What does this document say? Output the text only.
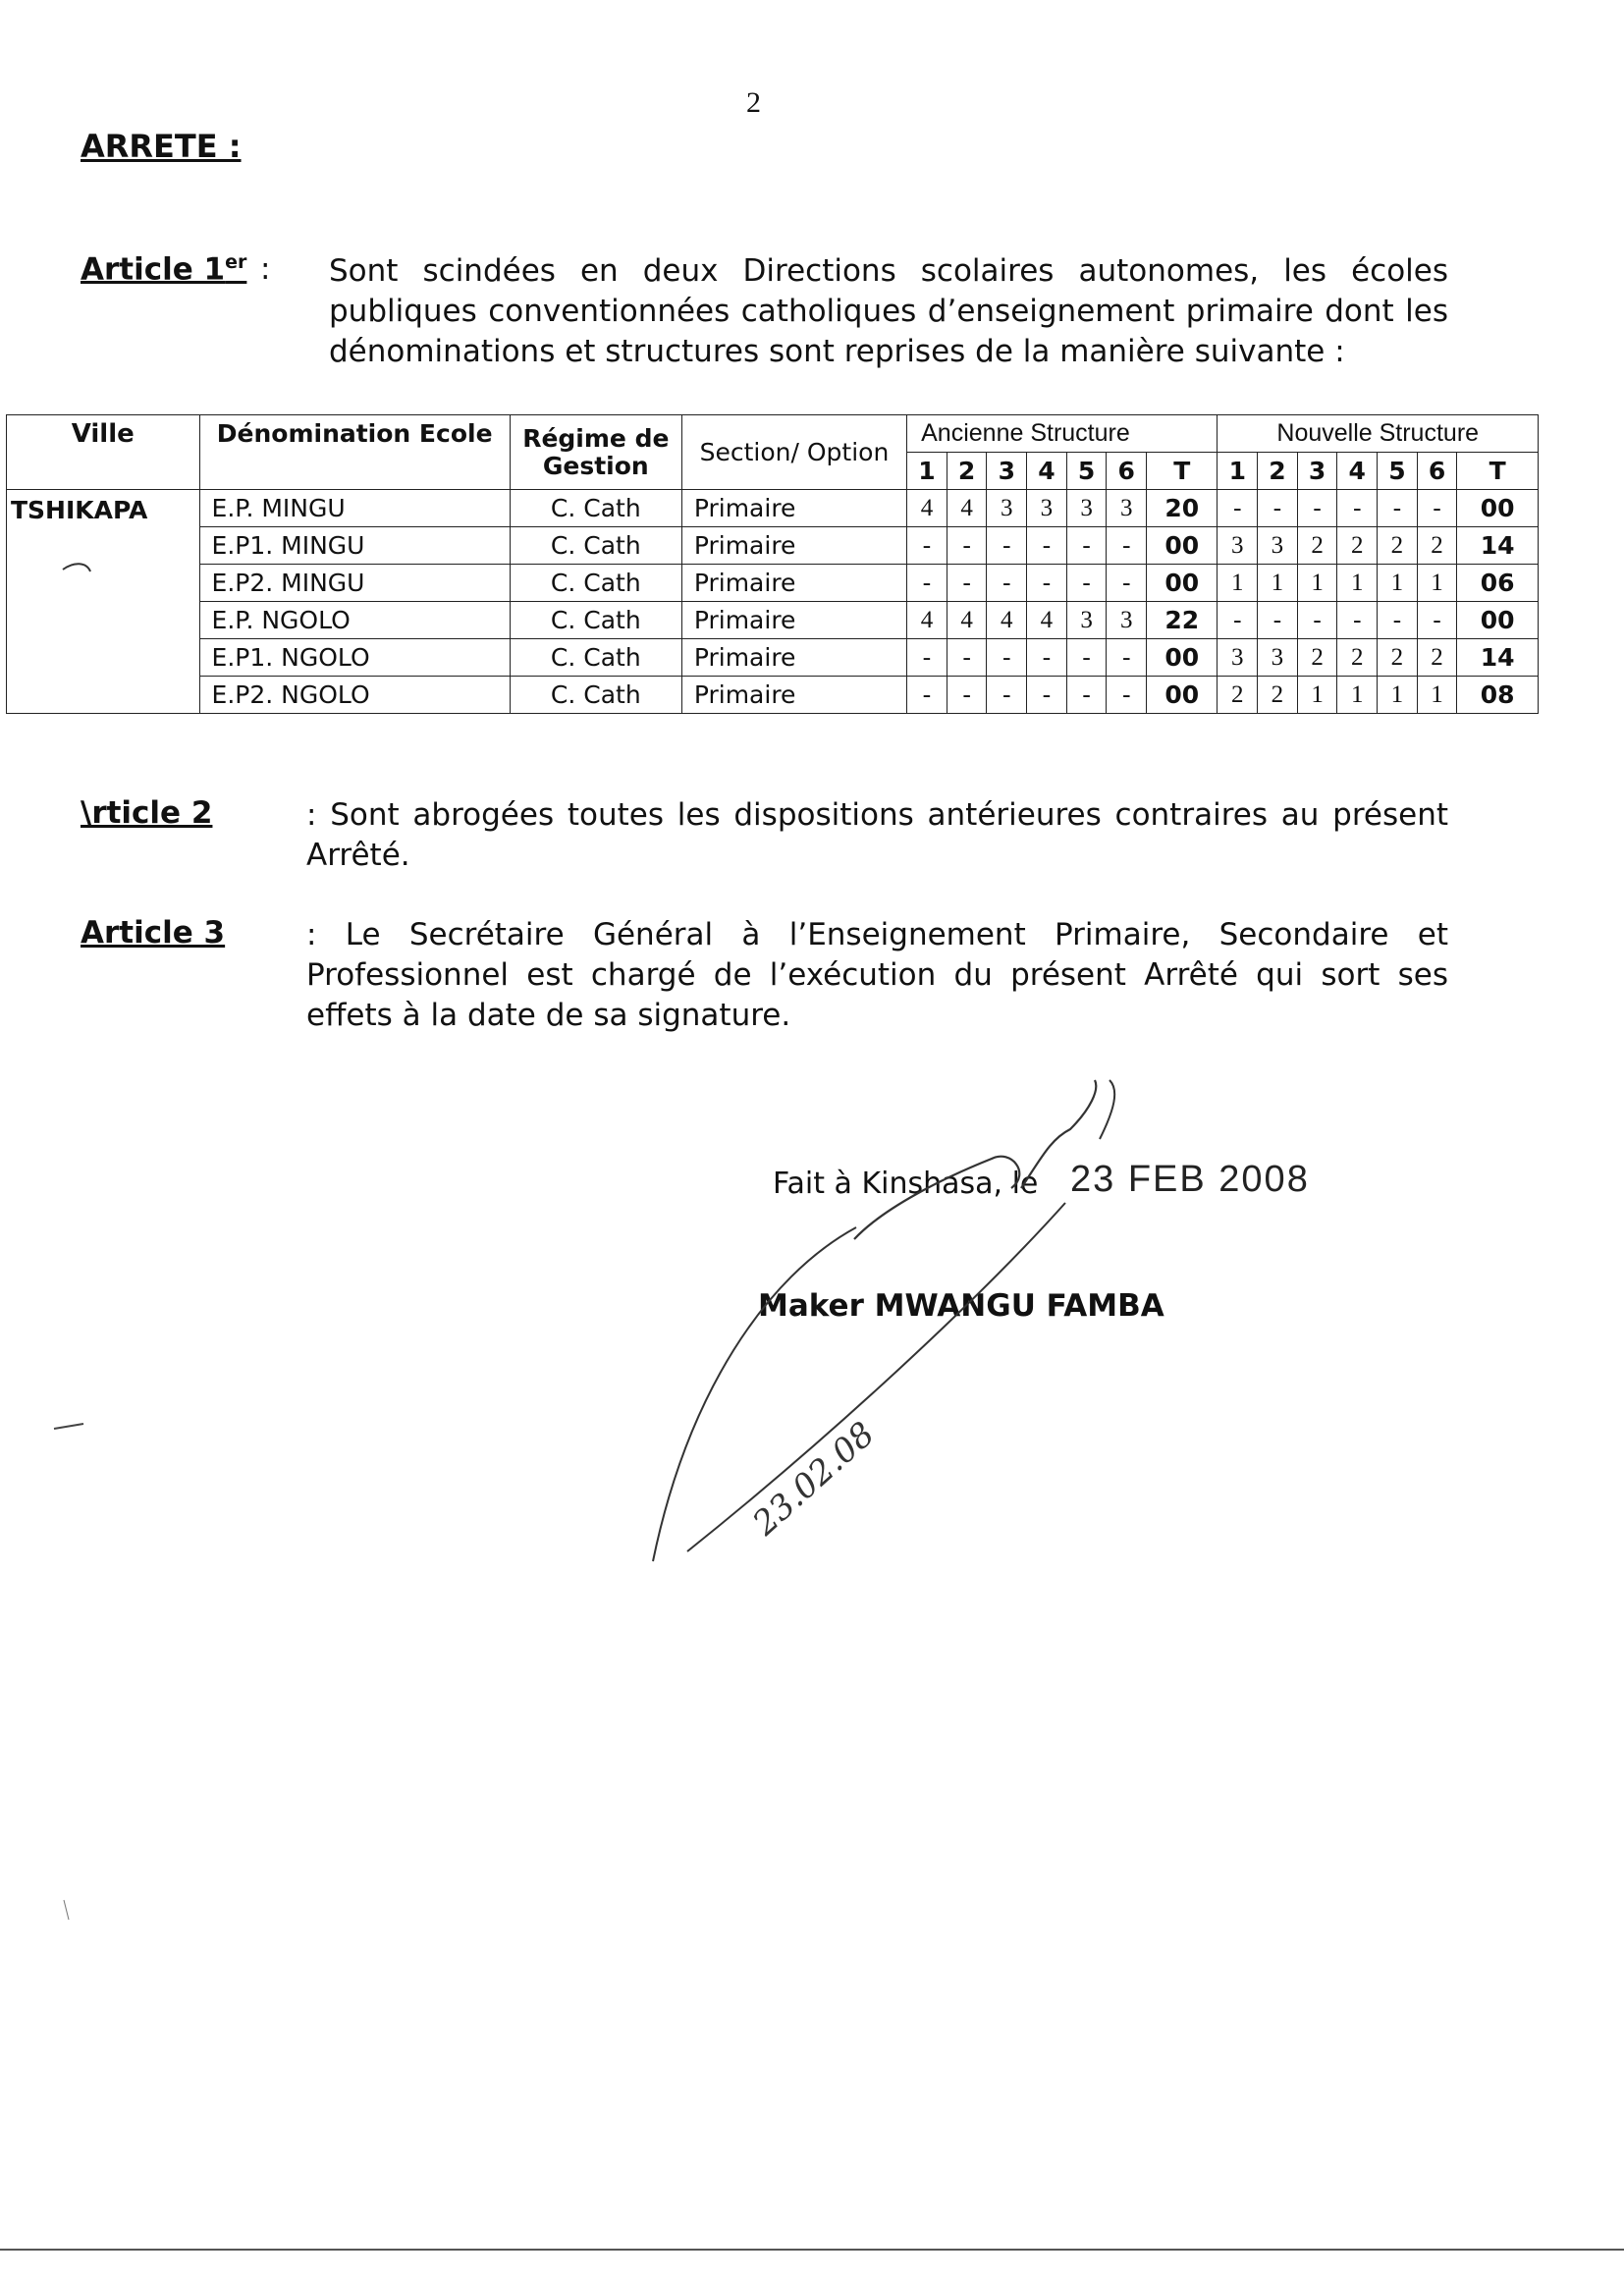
2
ARRETE :
Article 1er : Sont scindées en deux Directions scolaires autonomes, les écoles publiques conventionnées catholiques d’enseignement primaire dont les dénominations et structures sont reprises de la manière suivante :
Ville	Dénomination Ecole	Régime de Gestion	Section/ Option	Ancienne Structure							Nouvelle Structure						
				1	2	3	4	5	6	T	1	2	3	4	5	6	T
TSHIKAPA	E.P. MINGU	C. Cath	Primaire	4	4	3	3	3	3	20	-	-	-	-	-	-	00
	E.P1. MINGU	C. Cath	Primaire	-	-	-	-	-	-	00	3	3	2	2	2	2	14
	E.P2. MINGU	C. Cath	Primaire	-	-	-	-	-	-	00	1	1	1	1	1	1	06
	E.P. NGOLO	C. Cath	Primaire	4	4	4	4	3	3	22	-	-	-	-	-	-	00
	E.P1. NGOLO	C. Cath	Primaire	-	-	-	-	-	-	00	3	3	2	2	2	2	14
	E.P2. NGOLO	C. Cath	Primaire	-	-	-	-	-	-	00	2	2	1	1	1	1	08
\rticle 2	: Sont abrogées toutes les dispositions antérieures contraires au présent Arrêté.
Article 3	: Le Secrétaire Général à l’Enseignement Primaire, Secondaire et Professionnel est chargé de l’exécution du présent Arrêté qui sort ses effets à la date de sa signature.
Fait à Kinshasa, le 23 FEB 2008
Maker MWANGU FAMBA
23.02.08
